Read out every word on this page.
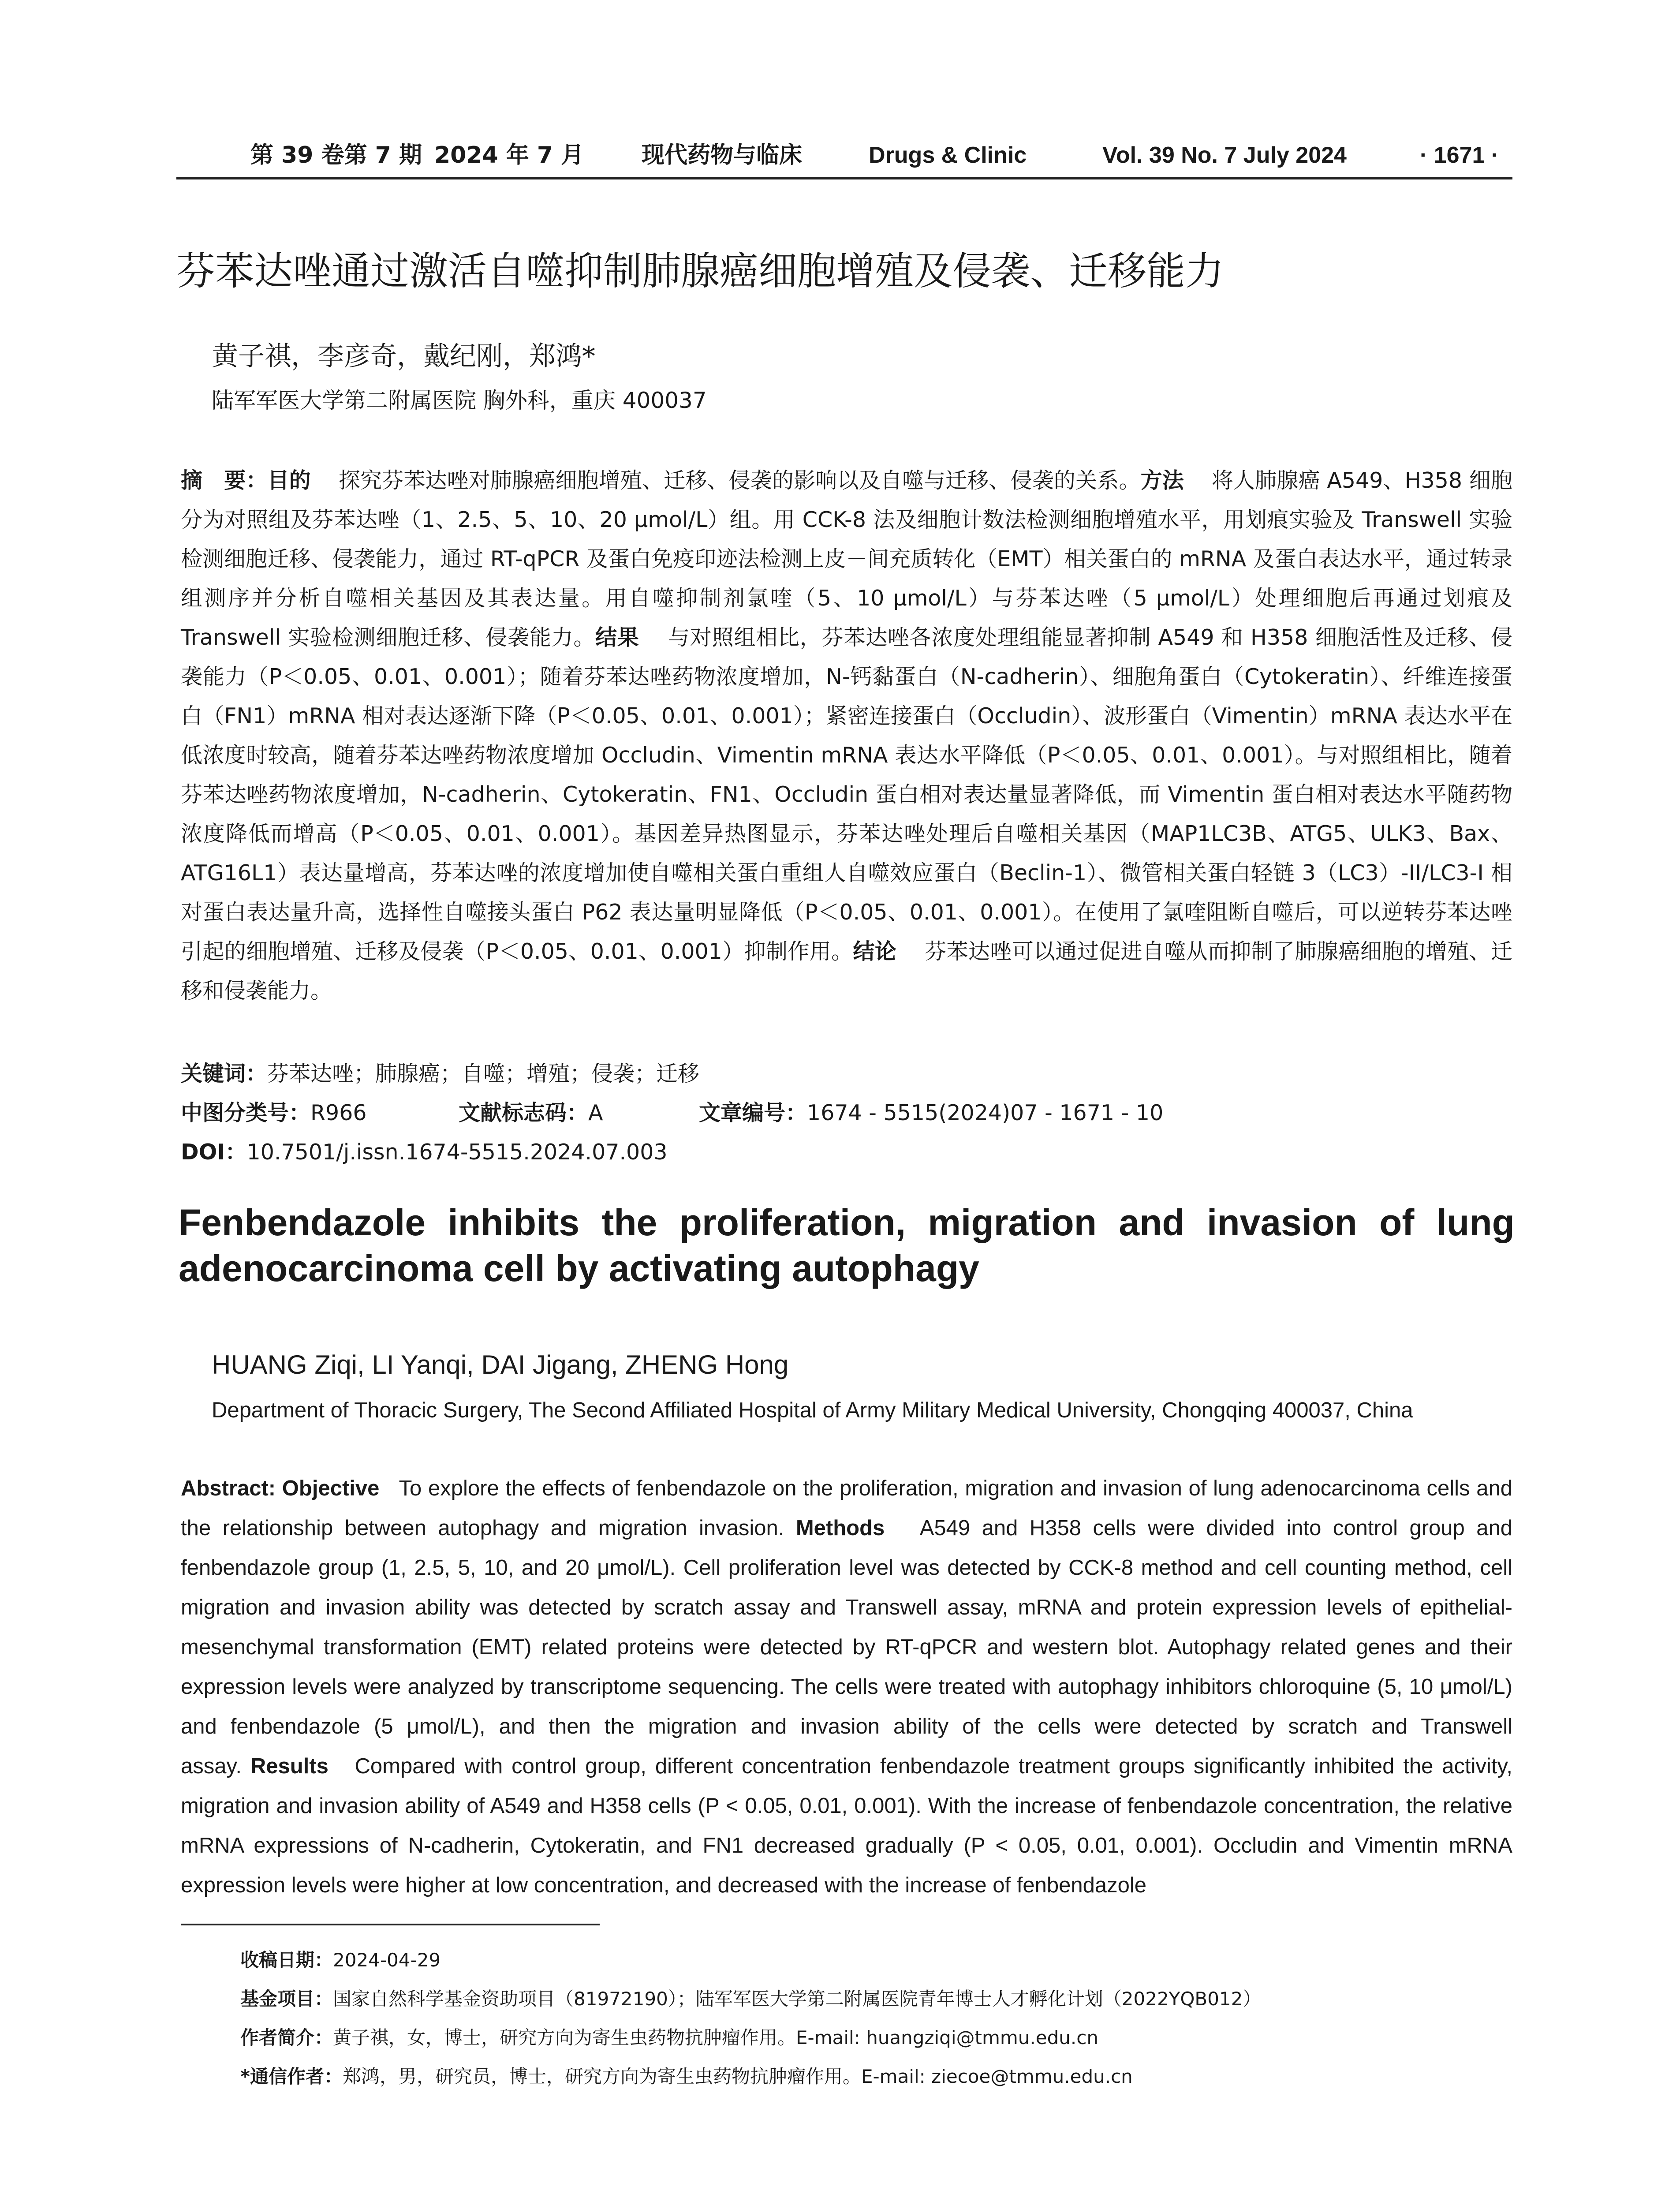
第 39 卷第 7 期 2024 年 7 月	现代药物与临床	Drugs & Clinic	Vol. 39 No. 7 July 2024	· 1671 ·
芬苯达唑通过激活自噬抑制肺腺癌细胞增殖及侵袭、迁移能力
黄子祺，李彦奇，戴纪刚，郑鸿*
陆军军医大学第二附属医院 胸外科，重庆 400037
摘　要：目的 探究芬苯达唑对肺腺癌细胞增殖、迁移、侵袭的影响以及自噬与迁移、侵袭的关系。方法 将人肺腺癌 A549、H358 细胞分为对照组及芬苯达唑（1、2.5、5、10、20 μmol/L）组。用 CCK-8 法及细胞计数法检测细胞增殖水平，用划痕实验及 Transwell 实验检测细胞迁移、侵袭能力，通过 RT-qPCR 及蛋白免疫印迹法检测上皮－间充质转化（EMT）相关蛋白的 mRNA 及蛋白表达水平，通过转录组测序并分析自噬相关基因及其表达量。用自噬抑制剂氯喹（5、10 μmol/L）与芬苯达唑（5 μmol/L）处理细胞后再通过划痕及 Transwell 实验检测细胞迁移、侵袭能力。结果 与对照组相比，芬苯达唑各浓度处理组能显著抑制 A549 和 H358 细胞活性及迁移、侵袭能力（P＜0.05、0.01、0.001）；随着芬苯达唑药物浓度增加，N-钙黏蛋白（N-cadherin）、细胞角蛋白（Cytokeratin）、纤维连接蛋白（FN1）mRNA 相对表达逐渐下降（P＜0.05、0.01、0.001）；紧密连接蛋白（Occludin）、波形蛋白（Vimentin）mRNA 表达水平在低浓度时较高，随着芬苯达唑药物浓度增加 Occludin、Vimentin mRNA 表达水平降低（P＜0.05、0.01、0.001）。与对照组相比，随着芬苯达唑药物浓度增加，N-cadherin、Cytokeratin、FN1、Occludin 蛋白相对表达量显著降低，而 Vimentin 蛋白相对表达水平随药物浓度降低而增高（P＜0.05、0.01、0.001）。基因差异热图显示，芬苯达唑处理后自噬相关基因（MAP1LC3B、ATG5、ULK3、Bax、ATG16L1）表达量增高，芬苯达唑的浓度增加使自噬相关蛋白重组人自噬效应蛋白（Beclin-1）、微管相关蛋白轻链 3（LC3）-II/LC3-I 相对蛋白表达量升高，选择性自噬接头蛋白 P62 表达量明显降低（P＜0.05、0.01、0.001）。在使用了氯喹阻断自噬后，可以逆转芬苯达唑引起的细胞增殖、迁移及侵袭（P＜0.05、0.01、0.001）抑制作用。结论 芬苯达唑可以通过促进自噬从而抑制了肺腺癌细胞的增殖、迁移和侵袭能力。
关键词：芬苯达唑；肺腺癌；自噬；增殖；侵袭；迁移
中图分类号：R966	文献标志码：A	文章编号：1674 - 5515(2024)07 - 1671 - 10
DOI：10.7501/j.issn.1674-5515.2024.07.003
Fenbendazole inhibits the proliferation, migration and invasion of lung adenocarcinoma cell by activating autophagy
HUANG Ziqi, LI Yanqi, DAI Jigang, ZHENG Hong
Department of Thoracic Surgery, The Second Affiliated Hospital of Army Military Medical University, Chongqing 400037, China
Abstract: Objective To explore the effects of fenbendazole on the proliferation, migration and invasion of lung adenocarcinoma cells and the relationship between autophagy and migration invasion. Methods A549 and H358 cells were divided into control group and fenbendazole group (1, 2.5, 5, 10, and 20 μmol/L). Cell proliferation level was detected by CCK-8 method and cell counting method, cell migration and invasion ability was detected by scratch assay and Transwell assay, mRNA and protein expression levels of epithelial-mesenchymal transformation (EMT) related proteins were detected by RT-qPCR and western blot. Autophagy related genes and their expression levels were analyzed by transcriptome sequencing. The cells were treated with autophagy inhibitors chloroquine (5, 10 μmol/L) and fenbendazole (5 μmol/L), and then the migration and invasion ability of the cells were detected by scratch and Transwell assay. Results Compared with control group, different concentration fenbendazole treatment groups significantly inhibited the activity, migration and invasion ability of A549 and H358 cells (P < 0.05, 0.01, 0.001). With the increase of fenbendazole concentration, the relative mRNA expressions of N-cadherin, Cytokeratin, and FN1 decreased gradually (P < 0.05, 0.01, 0.001). Occludin and Vimentin mRNA expression levels were higher at low concentration, and decreased with the increase of fenbendazole
收稿日期：2024-04-29
基金项目：国家自然科学基金资助项目（81972190）；陆军军医大学第二附属医院青年博士人才孵化计划（2022YQB012）
作者简介：黄子祺，女，博士，研究方向为寄生虫药物抗肿瘤作用。E-mail: huangziqi@tmmu.edu.cn
*通信作者：郑鸿，男，研究员，博士，研究方向为寄生虫药物抗肿瘤作用。E-mail: ziecoe@tmmu.edu.cn
